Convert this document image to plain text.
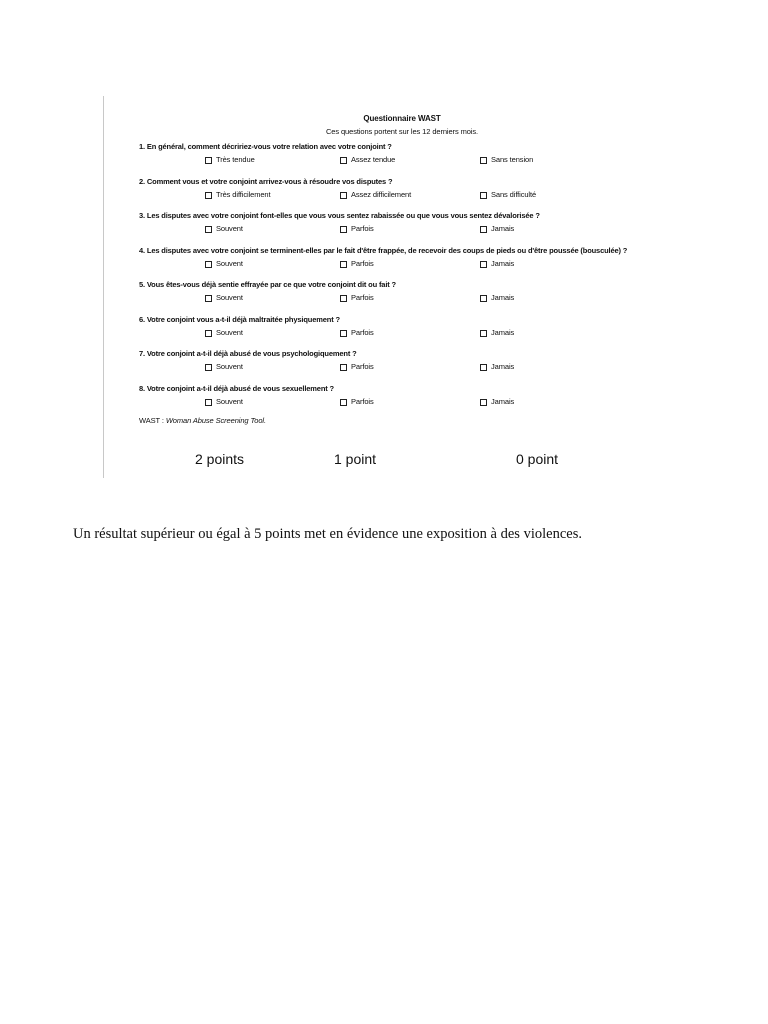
Questionnaire WAST
Ces questions portent sur les 12 derniers mois.
1. En général, comment décririez-vous votre relation avec votre conjoint ?
Très tendue	Assez tendue	Sans tension
2. Comment vous et votre conjoint arrivez-vous à résoudre vos disputes ?
Très difficilement	Assez difficilement	Sans difficulté
3. Les disputes avec votre conjoint font-elles que vous vous sentez rabaissée ou que vous vous sentez dévalorisée ?
Souvent	Parfois	Jamais
4. Les disputes avec votre conjoint se terminent-elles par le fait d'être frappée, de recevoir des coups de pieds ou d'être poussée (bousculée) ?
Souvent	Parfois	Jamais
5. Vous êtes-vous déjà sentie effrayée par ce que votre conjoint dit ou fait ?
Souvent	Parfois	Jamais
6. Votre conjoint vous a-t-il déjà maltraitée physiquement ?
Souvent	Parfois	Jamais
7. Votre conjoint a-t-il déjà abusé de vous psychologiquement ?
Souvent	Parfois	Jamais
8. Votre conjoint a-t-il déjà abusé de vous sexuellement ?
Souvent	Parfois	Jamais
WAST : Woman Abuse Screening Tool.
2 points	1 point	0 point
Un résultat supérieur ou égal à 5 points met en évidence une exposition à des violences.
